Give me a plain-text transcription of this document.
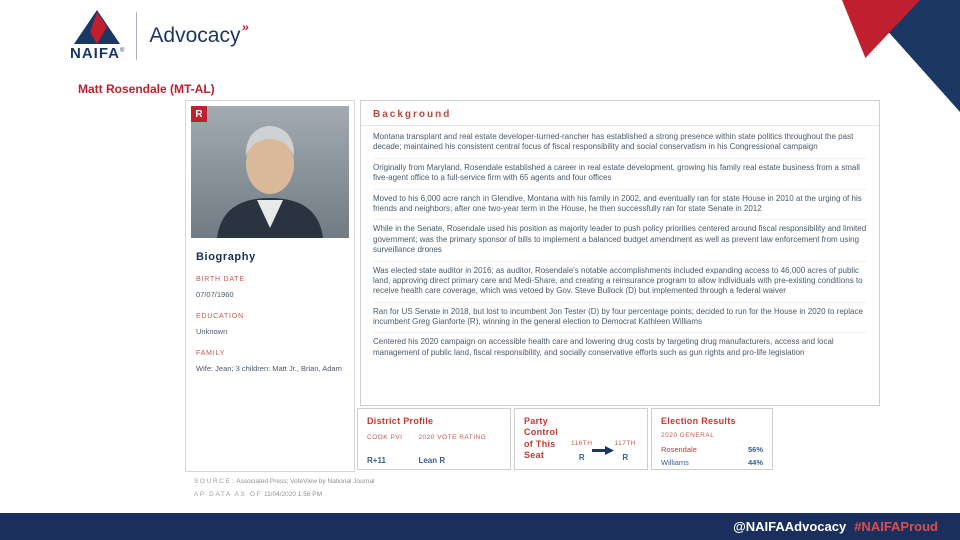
NAIFA®
Advocacy ››
Matt Rosendale (MT-AL)
R
Biography
BIRTH DATE
07/07/1960
EDUCATION
Unknown
FAMILY
Wife: Jean; 3 children: Matt Jr., Brian, Adam
Background

Montana transplant and real estate developer-turned-rancher has established a strong presence within state politics throughout the past decade; maintained his consistent central focus of fiscal responsibility and social conservatism in his Congressional campaign

Originally from Maryland, Rosendale established a career in real estate development, growing his family real estate business from a small five-agent office to a full-service firm with 65 agents and four offices

Moved to his 6,000 acre ranch in Glendive, Montana with his family in 2002, and eventually ran for state House in 2010 at the urging of his friends and neighbors; after one two-year term in the House, he then successfully ran for state Senate in 2012

While in the Senate, Rosendale used his position as majority leader to push policy priorities centered around fiscal responsibility and limited government; was the primary sponsor of bills to implement a balanced budget amendment as well as prevent law enforcement from using surveillance drones

Was elected state auditor in 2016; as auditor, Rosendale's notable accomplishments included expanding access to 46,000 acres of public land, approving direct primary care and Medi-Share, and creating a reinsurance program to allow individuals with pre-existing conditions to receive health care coverage, which was vetoed by Gov. Steve Bullock (D) but implemented through a federal waiver

Ran for US Senate in 2018, but lost to incumbent Jon Tester (D) by four percentage points; decided to run for the House in 2020 to replace incumbent Greg Gianforte (R), winning in the general election to Democrat Kathleen Williams

Centered his 2020 campaign on accessible health care and lowering drug costs by targeting drug manufacturers, access and local management of public land, fiscal responsibility, and socially conservative efforts such as gun rights and pro-life legislation

District Profile
COOK PVI
R+11
2020 VOTE RATING
Lean R
Party Control of This Seat
116TH
R
117TH
R
Election Results
2020 GENERAL
Rosendale	56%
Williams	44%
SOURCE: Associated Press; VoteView by National Journal
AP DATA AS OF 11/04/2020 1:56 PM
@NAIFAAdvocacy #NAIFAProud
